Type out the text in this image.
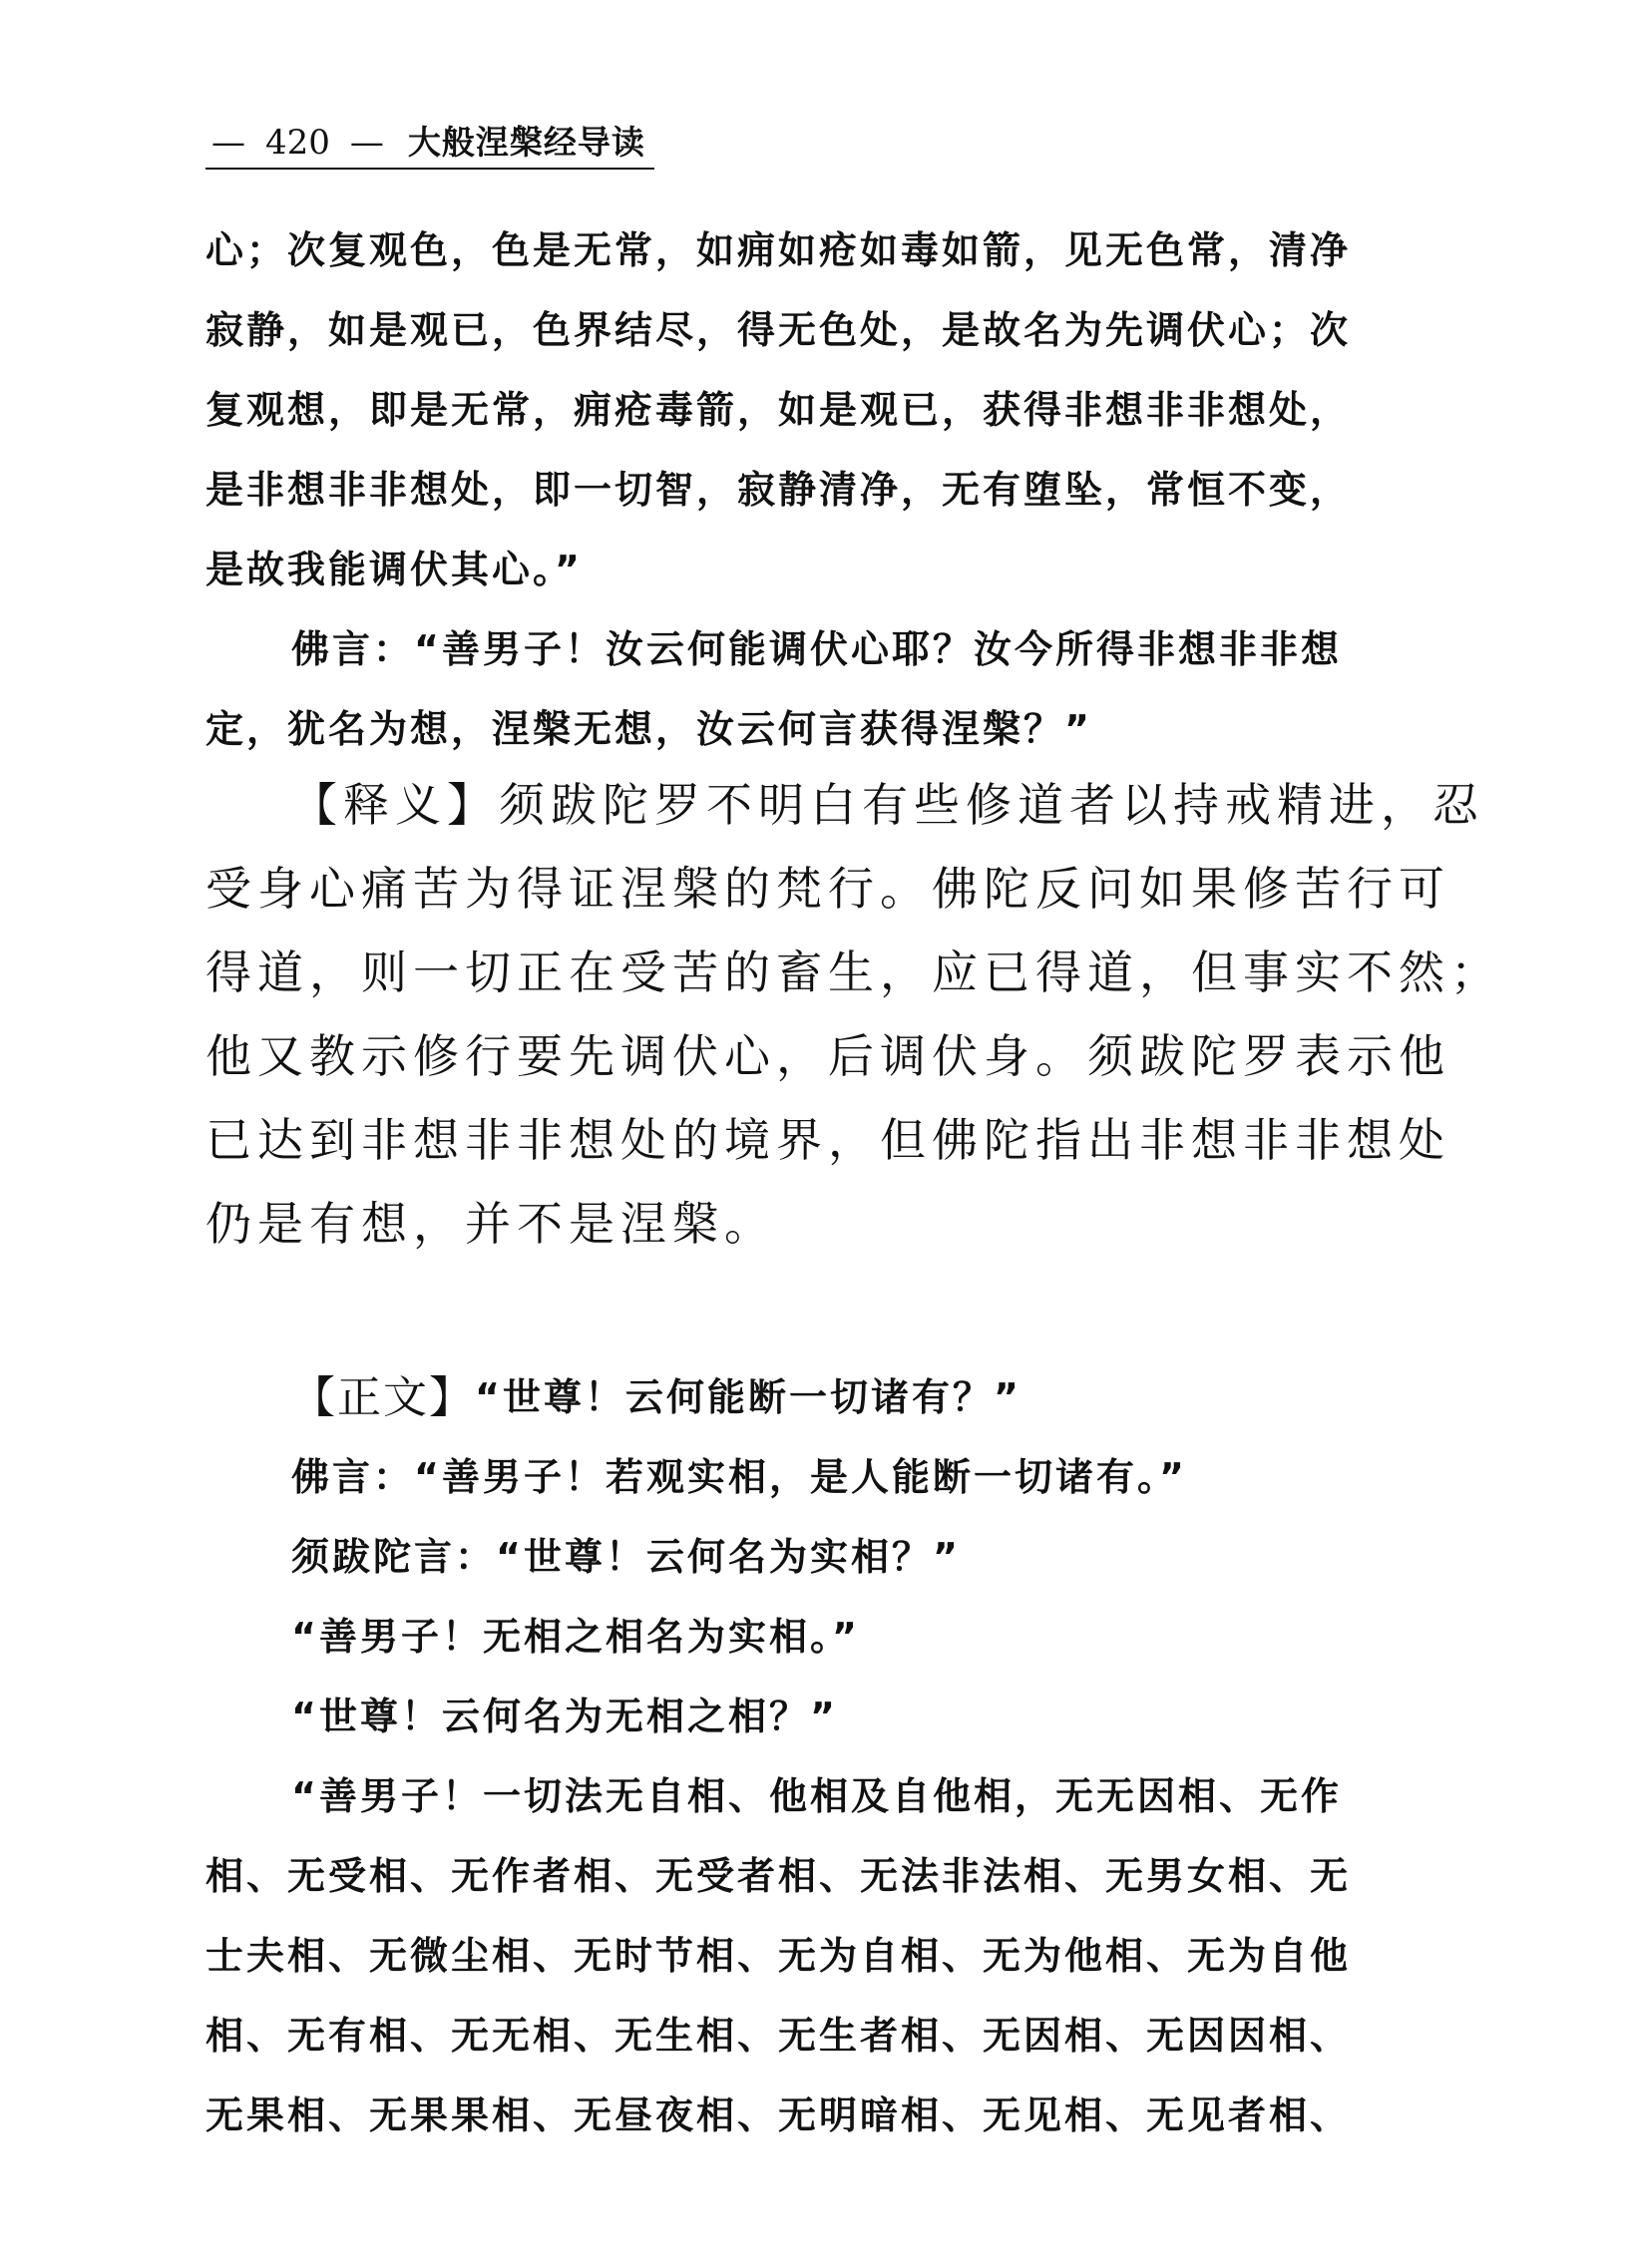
— 420 — 大般涅槃经导读
心；次复观色，色是无常，如痈如疮如毒如箭，见无色常，清净
寂静，如是观已，色界结尽，得无色处，是故名为先调伏心；次
复观想，即是无常，痈疮毒箭，如是观已，获得非想非非想处，
是非想非非想处，即一切智，寂静清净，无有堕坠，常恒不变，
是故我能调伏其心。”
佛言：“善男子！汝云何能调伏心耶？汝今所得非想非非想
定，犹名为想，涅槃无想，汝云何言获得涅槃？”
【释义】 须跋陀罗不明白有些修道者以持戒精进，忍
受身心痛苦为得证涅槃的梵行。佛陀反问如果修苦行可
得道，则一切正在受苦的畜生，应已得道，但事实不然；
他又教示修行要先调伏心，后调伏身。须跋陀罗表示他
已达到非想非非想处的境界，但佛陀指出非想非非想处
仍是有想，并不是涅槃。
【正文】 “世尊！云何能断一切诸有？”
佛言：“善男子！若观实相，是人能断一切诸有。”
须跋陀言：“世尊！云何名为实相？”
“善男子！无相之相名为实相。”
“世尊！云何名为无相之相？”
“善男子！一切法无自相、他相及自他相，无无因相、无作
相、无受相、无作者相、无受者相、无法非法相、无男女相、无
士夫相、无微尘相、无时节相、无为自相、无为他相、无为自他
相、无有相、无无相、无生相、无生者相、无因相、无因因相、
无果相、无果果相、无昼夜相、无明暗相、无见相、无见者相、
